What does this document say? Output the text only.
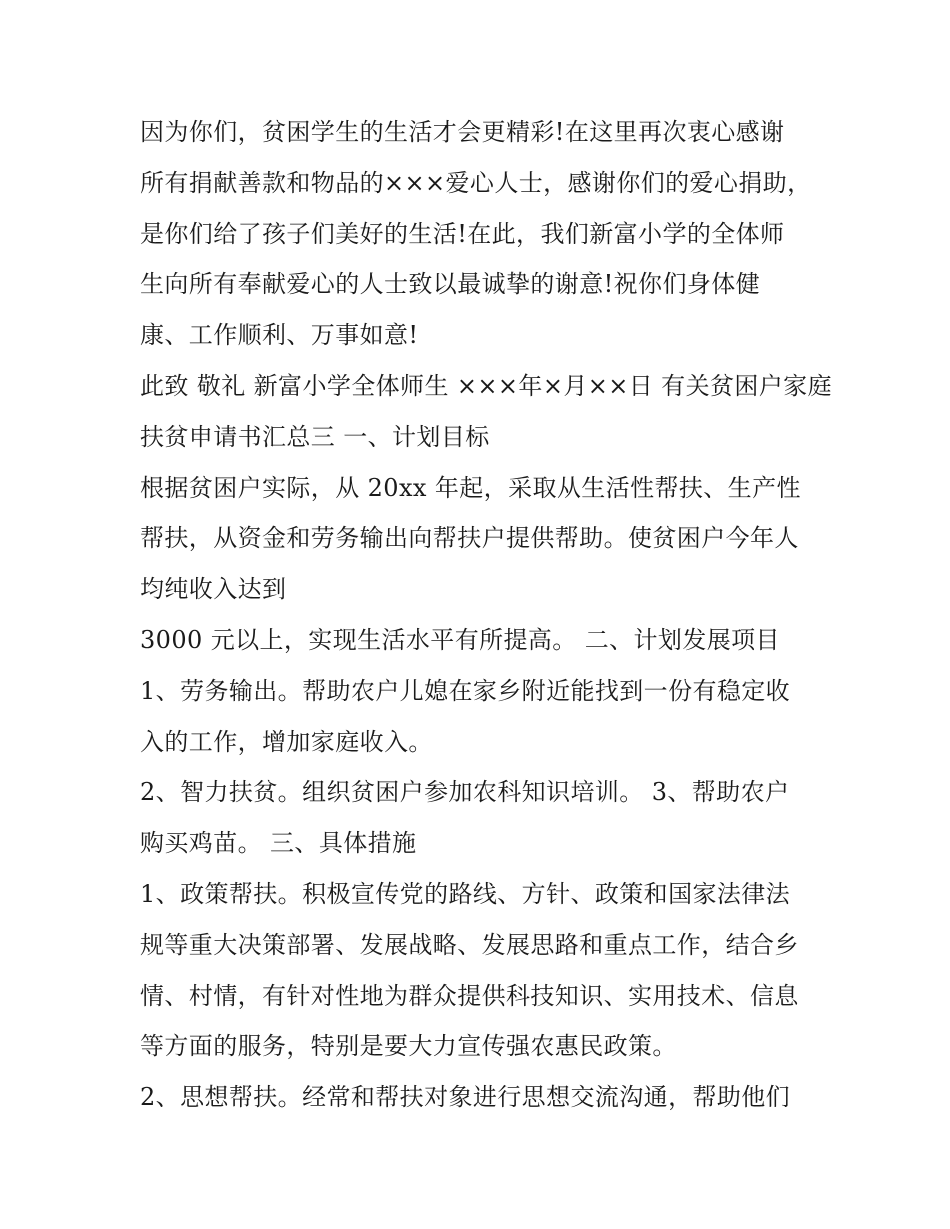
因为你们，贫困学生的生活才会更精彩!在这里再次衷心感谢
所有捐献善款和物品的×××爱心人士，感谢你们的爱心捐助，
是你们给了孩子们美好的生活!在此，我们新富小学的全体师
生向所有奉献爱心的人士致以最诚挚的谢意!祝你们身体健
康、工作顺利、万事如意!
此致 敬礼 新富小学全体师生 ×××年×月××日 有关贫困户家庭
扶贫申请书汇总三 一、计划目标
根据贫困户实际，从 20xx 年起，采取从生活性帮扶、生产性
帮扶，从资金和劳务输出向帮扶户提供帮助。使贫困户今年人
均纯收入达到
3000 元以上，实现生活水平有所提高。 二、计划发展项目
1、劳务输出。帮助农户儿媳在家乡附近能找到一份有稳定收
入的工作，增加家庭收入。
2、智力扶贫。组织贫困户参加农科知识培训。 3、帮助农户
购买鸡苗。 三、具体措施
1、政策帮扶。积极宣传党的路线、方针、政策和国家法律法
规等重大决策部署、发展战略、发展思路和重点工作，结合乡
情、村情，有针对性地为群众提供科技知识、实用技术、信息
等方面的服务，特别是要大力宣传强农惠民政策。
2、思想帮扶。经常和帮扶对象进行思想交流沟通，帮助他们
